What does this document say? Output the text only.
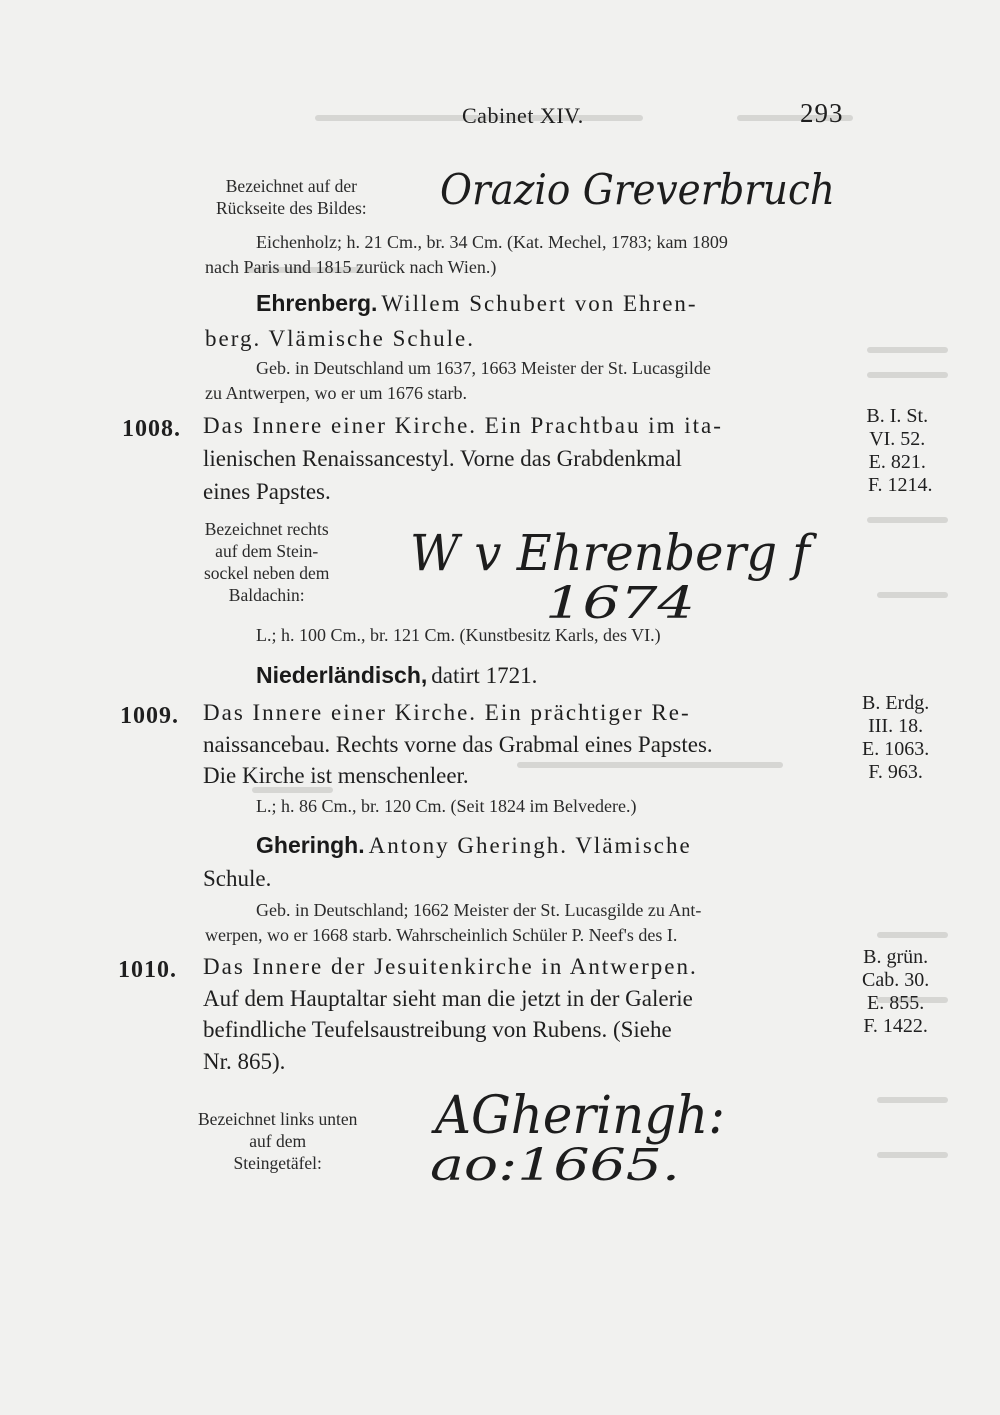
Cabinet XIV.	293
Bezeichnet auf der
Rückseite des Bildes: Orazio Greverbruch
Eichenholz; h. 21 Cm., br. 34 Cm. (Kat. Mechel, 1783; kam 1809
nach Paris und 1815 zurück nach Wien.)
Ehrenberg. Willem Schubert von Ehren-
berg. Vlämische Schule.
Geb. in Deutschland um 1637, 1663 Meister der St. Lucasgilde
zu Antwerpen, wo er um 1676 starb.
1008. Das Innere einer Kirche. Ein Prachtbau im ita-
lienischen Renaissancestyl. Vorne das Grabdenkmal
eines Papstes.
B. I. St.
VI. 52.
E. 821.
F. 1214.
Bezeichnet rechts
auf dem Stein-
sockel neben dem
Baldachin:
W v Ehrenberg f
1674
L.; h. 100 Cm., br. 121 Cm. (Kunstbesitz Karls, des VI.)
Niederländisch, datirt 1721.
1009. Das Innere einer Kirche. Ein prächtiger Re-
naissancebau. Rechts vorne das Grabmal eines Papstes.
Die Kirche ist menschenleer.
B. Erdg.
III. 18.
E. 1063.
F. 963.
L.; h. 86 Cm., br. 120 Cm. (Seit 1824 im Belvedere.)
Gheringh. Antony Gheringh. Vlämische
Schule.
Geb. in Deutschland; 1662 Meister der St. Lucasgilde zu Ant-
werpen, wo er 1668 starb. Wahrscheinlich Schüler P. Neef's des I.
1010. Das Innere der Jesuitenkirche in Antwerpen.
Auf dem Hauptaltar sieht man die jetzt in der Galerie
befindliche Teufelsaustreibung von Rubens. (Siehe
Nr. 865).
B. grün.
Cab. 30.
E. 855.
F. 1422.
Bezeichnet links unten
auf dem
Steingetäfel:
AGheringh:
ao:1665.
